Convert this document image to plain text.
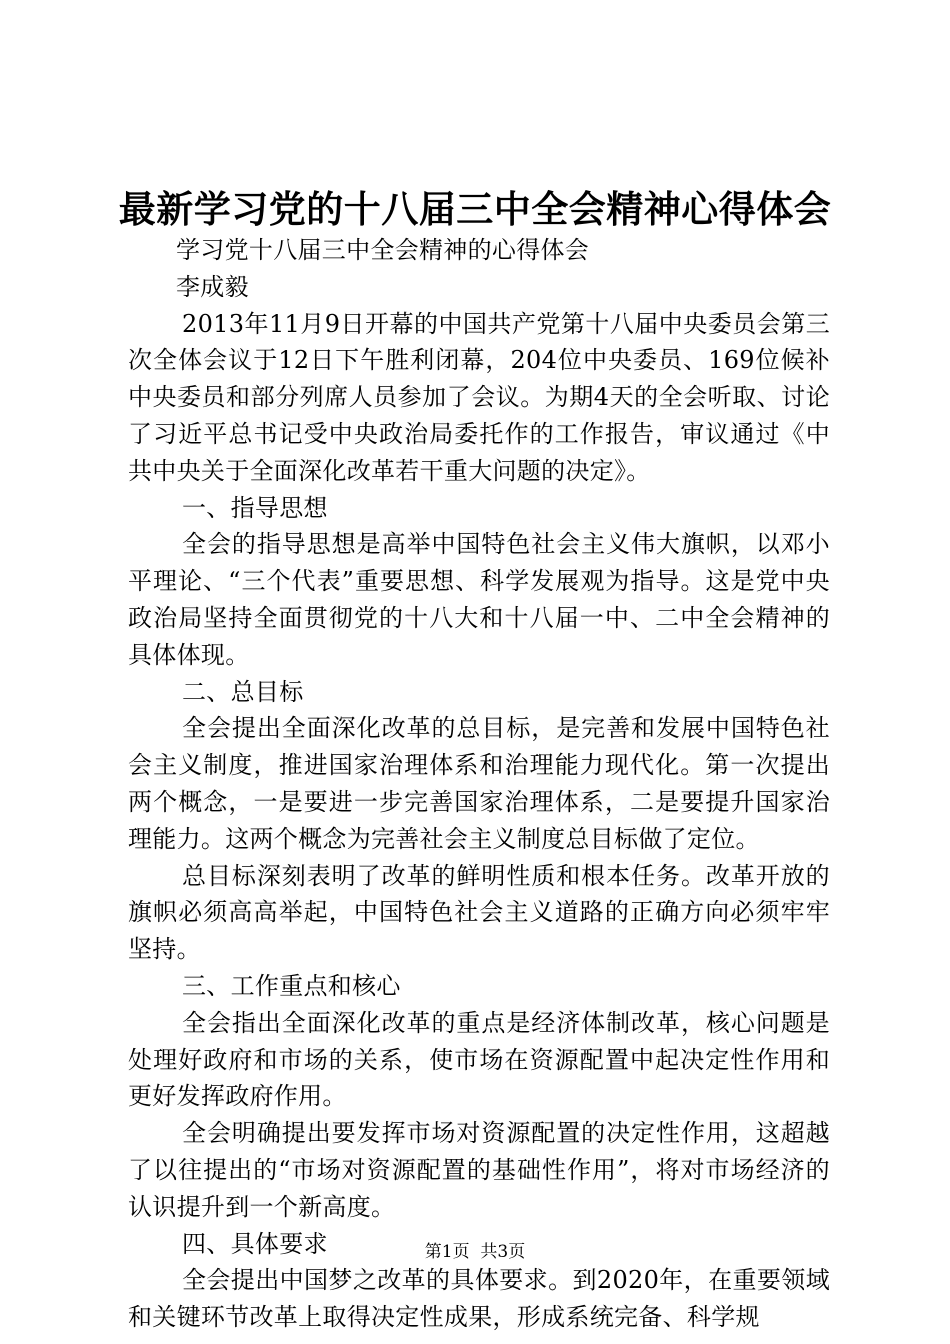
最新学习党的十八届三中全会精神心得体会

学习党十八届三中全会精神的心得体会

李成毅

2013年11月9日开幕的中国共产党第十八届中央委员会第三次全体会议于12日下午胜利闭幕，204位中央委员、169位候补中央委员和部分列席人员参加了会议。为期4天的全会听取、讨论了习近平总书记受中央政治局委托作的工作报告，审议通过《中共中央关于全面深化改革若干重大问题的决定》。

一、指导思想

全会的指导思想是高举中国特色社会主义伟大旗帜，以邓小平理论、“三个代表”重要思想、科学发展观为指导。这是党中央政治局坚持全面贯彻党的十八大和十八届一中、二中全会精神的具体体现。

二、总目标

全会提出全面深化改革的总目标，是完善和发展中国特色社会主义制度，推进国家治理体系和治理能力现代化。第一次提出两个概念，一是要进一步完善国家治理体系，二是要提升国家治理能力。这两个概念为完善社会主义制度总目标做了定位。

总目标深刻表明了改革的鲜明性质和根本任务。改革开放的旗帜必须高高举起，中国特色社会主义道路的正确方向必须牢牢坚持。

三、工作重点和核心

全会指出全面深化改革的重点是经济体制改革，核心问题是处理好政府和市场的关系，使市场在资源配置中起决定性作用和更好发挥政府作用。

全会明确提出要发挥市场对资源配置的决定性作用，这超越了以往提出的“市场对资源配置的基础性作用”，将对市场经济的认识提升到一个新高度。

四、具体要求

全会提出中国梦之改革的具体要求。到2020年，在重要领域和关键环节改革上取得决定性成果，形成系统完备、科学规

第1页  共3页
